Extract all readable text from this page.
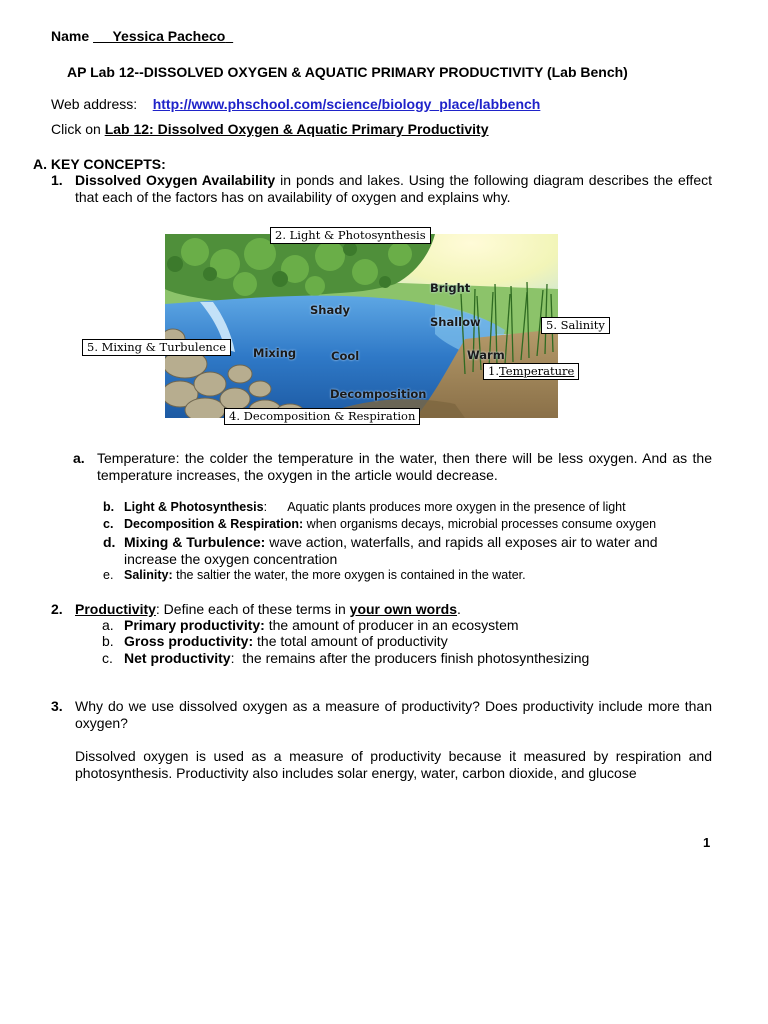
Name Yessica Pacheco
AP Lab 12--DISSOLVED OXYGEN & AQUATIC PRIMARY PRODUCTIVITY (Lab Bench)
Web address: http://www.phschool.com/science/biology_place/labbench
Click on Lab 12: Dissolved Oxygen & Aquatic Primary Productivity
A. KEY CONCEPTS:
1. Dissolved Oxygen Availability in ponds and lakes. Using the following diagram describes the effect that each of the factors has on availability of oxygen and explains why.
Bright
Shady
Shallow
Mixing	Cool	Warm
Decomposition
2. Light & Photosynthesis
5. Mixing & Turbulence
5. Salinity
1.Temperature
4. Decomposition & Respiration
a. Temperature: the colder the temperature in the water, then there will be less oxygen. And as the temperature increases, the oxygen in the article would decrease.
b. Light & Photosynthesis:      Aquatic plants produces more oxygen in the presence of light
c. Decomposition & Respiration: when organisms decays, microbial processes consume oxygen
d. Mixing & Turbulence: wave action, waterfalls, and rapids all exposes air to water and increase the oxygen concentration
e. Salinity: the saltier the water, the more oxygen is contained in the water.
2. Productivity: Define each of these terms in your own words.
a. Primary productivity: the amount of producer in an ecosystem
b. Gross productivity: the total amount of productivity
c. Net productivity:  the remains after the producers finish photosynthesizing
3. Why do we use dissolved oxygen as a measure of productivity? Does productivity include more than oxygen?
Dissolved oxygen is used as a measure of productivity because it measured by respiration and photosynthesis. Productivity also includes solar energy, water, carbon dioxide, and glucose
1
